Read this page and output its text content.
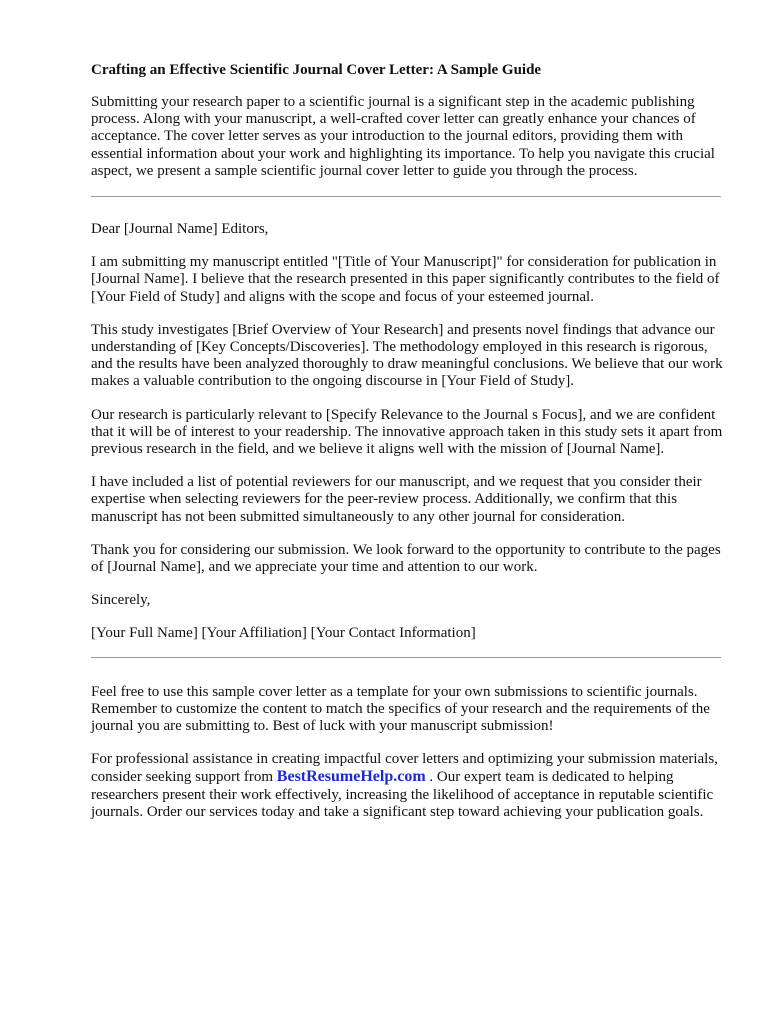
Crafting an Effective Scientific Journal Cover Letter: A Sample Guide

Submitting your research paper to a scientific journal is a significant step in the academic publishing process. Along with your manuscript, a well-crafted cover letter can greatly enhance your chances of acceptance. The cover letter serves as your introduction to the journal editors, providing them with essential information about your work and highlighting its importance. To help you navigate this crucial aspect, we present a sample scientific journal cover letter to guide you through the process.

Dear [Journal Name] Editors,

I am submitting my manuscript entitled "[Title of Your Manuscript]" for consideration for publication in [Journal Name]. I believe that the research presented in this paper significantly contributes to the field of [Your Field of Study] and aligns with the scope and focus of your esteemed journal.

This study investigates [Brief Overview of Your Research] and presents novel findings that advance our understanding of [Key Concepts/Discoveries]. The methodology employed in this research is rigorous, and the results have been analyzed thoroughly to draw meaningful conclusions. We believe that our work makes a valuable contribution to the ongoing discourse in [Your Field of Study].

Our research is particularly relevant to [Specify Relevance to the Journal s Focus], and we are confident that it will be of interest to your readership. The innovative approach taken in this study sets it apart from previous research in the field, and we believe it aligns well with the mission of [Journal Name].

I have included a list of potential reviewers for our manuscript, and we request that you consider their expertise when selecting reviewers for the peer-review process. Additionally, we confirm that this manuscript has not been submitted simultaneously to any other journal for consideration.

Thank you for considering our submission. We look forward to the opportunity to contribute to the pages of [Journal Name], and we appreciate your time and attention to our work.

Sincerely,

[Your Full Name] [Your Affiliation] [Your Contact Information]

Feel free to use this sample cover letter as a template for your own submissions to scientific journals. Remember to customize the content to match the specifics of your research and the requirements of the journal you are submitting to. Best of luck with your manuscript submission!

For professional assistance in creating impactful cover letters and optimizing your submission materials, consider seeking support from BestResumeHelp.com . Our expert team is dedicated to helping researchers present their work effectively, increasing the likelihood of acceptance in reputable scientific journals. Order our services today and take a significant step toward achieving your publication goals.
